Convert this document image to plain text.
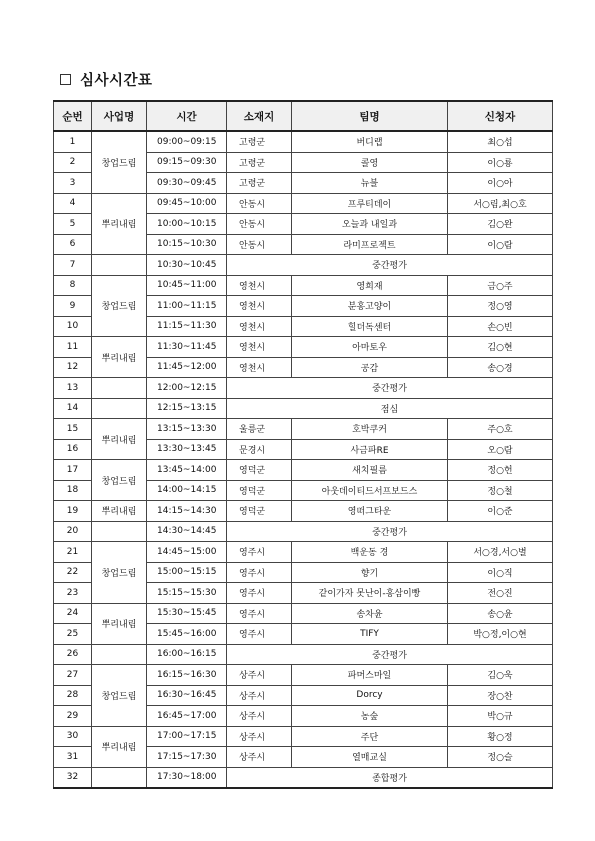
심사시간표
순번	사업명	시간	소재지	팀명	신청자
1	창업드림	09:00~09:15	고령군	버디랩	최○섭
2		09:15~09:30	고령군	콜영	이○룡
3		09:30~09:45	고령군	뉴블	이○아
4	뿌리내림	09:45~10:00	안동시	프루티데이	서○림,최○호
5		10:00~10:15	안동시	오늘과 내일과	김○완
6		10:15~10:30	안동시	라미프로젝트	이○람
7		10:30~10:45	중간평가		
8	창업드림	10:45~11:00	영천시	영희재	금○주
9		11:00~11:15	영천시	분홍고양이	정○영
10		11:15~11:30	영천시	힐더독센터	손○빈
11	뿌리내림	11:30~11:45	영천시	아마토우	김○현
12		11:45~12:00	영천시	공감	송○경
13		12:00~12:15	중간평가		
14		12:15~13:15	점심		
15	뿌리내림	13:15~13:30	울릉군	호박쿠커	주○호
16		13:30~13:45	문경시	사금파RE	오○람
17	창업드림	13:45~14:00	영덕군	새치필름	정○헌
18		14:00~14:15	영덕군	아웃데이티드서프보드스	정○철
19	뿌리내림	14:15~14:30	영덕군	영떠그타운	이○준
20		14:30~14:45	중간평가		
21	창업드림	14:45~15:00	영주시	백운동 경	서○경,서○별
22		15:00~15:15	영주시	향기	이○직
23		15:15~15:30	영주시	같이가자 못난이-홍삼이빵	전○진
24	뿌리내림	15:30~15:45	영주시	송차윤	송○윤
25		15:45~16:00	영주시	TIFY	박○정,이○현
26		16:00~16:15	중간평가		
27	창업드림	16:15~16:30	상주시	파머스마일	김○욱
28		16:30~16:45	상주시	Dorcy	장○찬
29		16:45~17:00	상주시	농숲	박○규
30	뿌리내림	17:00~17:15	상주시	주단	황○정
31		17:15~17:30	상주시	열매교실	정○슬
32		17:30~18:00	종합평가		
